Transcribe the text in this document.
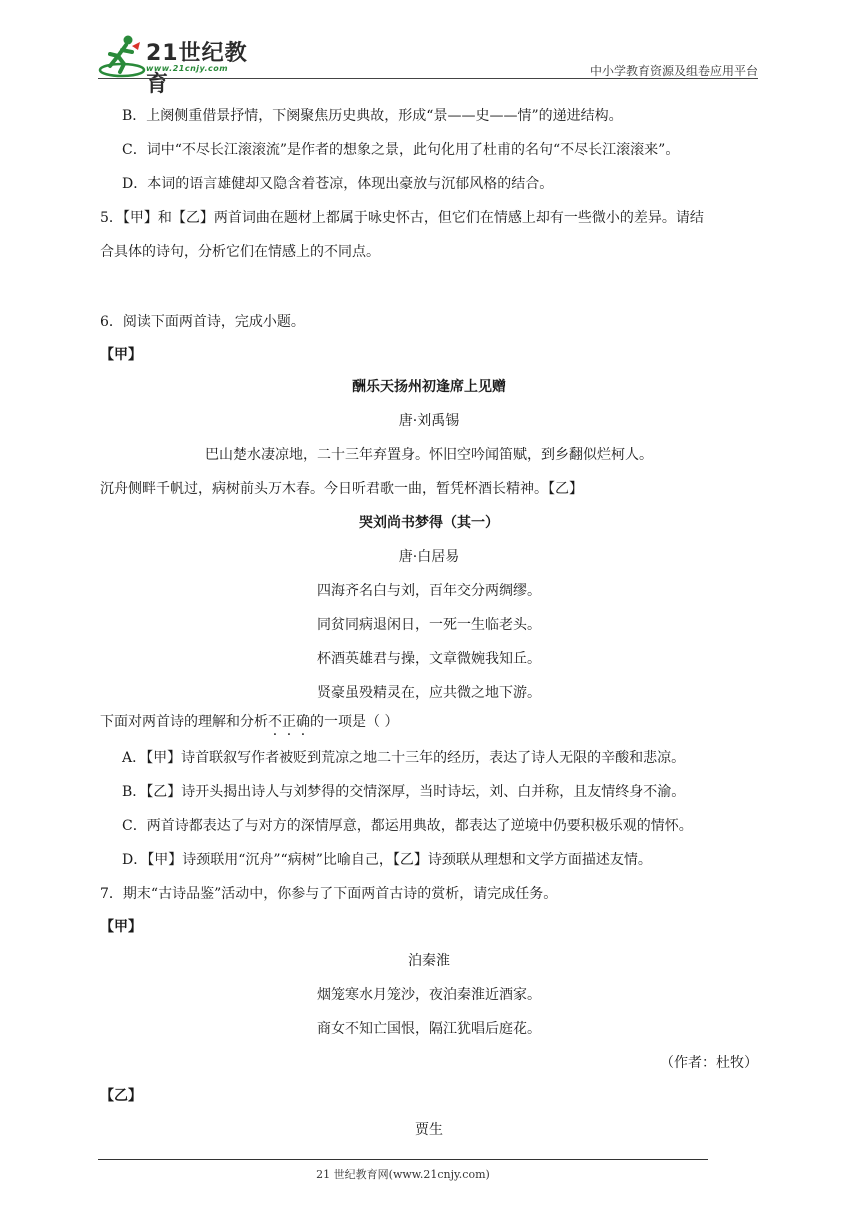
21世纪教育
www.21cnjy.com	中小学教育资源及组卷应用平台
B．上阕侧重借景抒情，下阕聚焦历史典故，形成“景——史——情”的递进结构。
C．词中“不尽长江滚滚流”是作者的想象之景，此句化用了杜甫的名句“不尽长江滚滚来”。
D．本词的语言雄健却又隐含着苍凉，体现出豪放与沉郁风格的结合。
5．【甲】和【乙】两首词曲在题材上都属于咏史怀古，但它们在情感上却有一些微小的差异。请结
合具体的诗句，分析它们在情感上的不同点。
6．阅读下面两首诗，完成小题。
【甲】
酬乐天扬州初逢席上见赠
唐·刘禹锡
巴山楚水凄凉地，二十三年弃置身。怀旧空吟闻笛赋，到乡翻似烂柯人。
沉舟侧畔千帆过，病树前头万木春。今日听君歌一曲，暂凭杯酒长精神。【乙】
哭刘尚书梦得（其一）
唐·白居易
四海齐名白与刘，百年交分两绸缪。
同贫同病退闲日，一死一生临老头。
杯酒英雄君与操，文章微婉我知丘。
贤豪虽殁精灵在，应共微之地下游。
下面对两首诗的理解和分析不正确的一项是（ ）
A．【甲】诗首联叙写作者被贬到荒凉之地二十三年的经历，表达了诗人无限的辛酸和悲凉。
B．【乙】诗开头揭出诗人与刘梦得的交情深厚，当时诗坛，刘、白并称，且友情终身不渝。
C．两首诗都表达了与对方的深情厚意，都运用典故，都表达了逆境中仍要积极乐观的情怀。
D．【甲】诗颈联用“沉舟”“病树”比喻自己，【乙】诗颈联从理想和文学方面描述友情。
7．期末“古诗品鉴”活动中，你参与了下面两首古诗的赏析，请完成任务。
【甲】
泊秦淮
烟笼寒水月笼沙，夜泊秦淮近酒家。
商女不知亡国恨，隔江犹唱后庭花。
（作者：杜牧）
【乙】
贾生
21 世纪教育网(www.21cnjy.com)
